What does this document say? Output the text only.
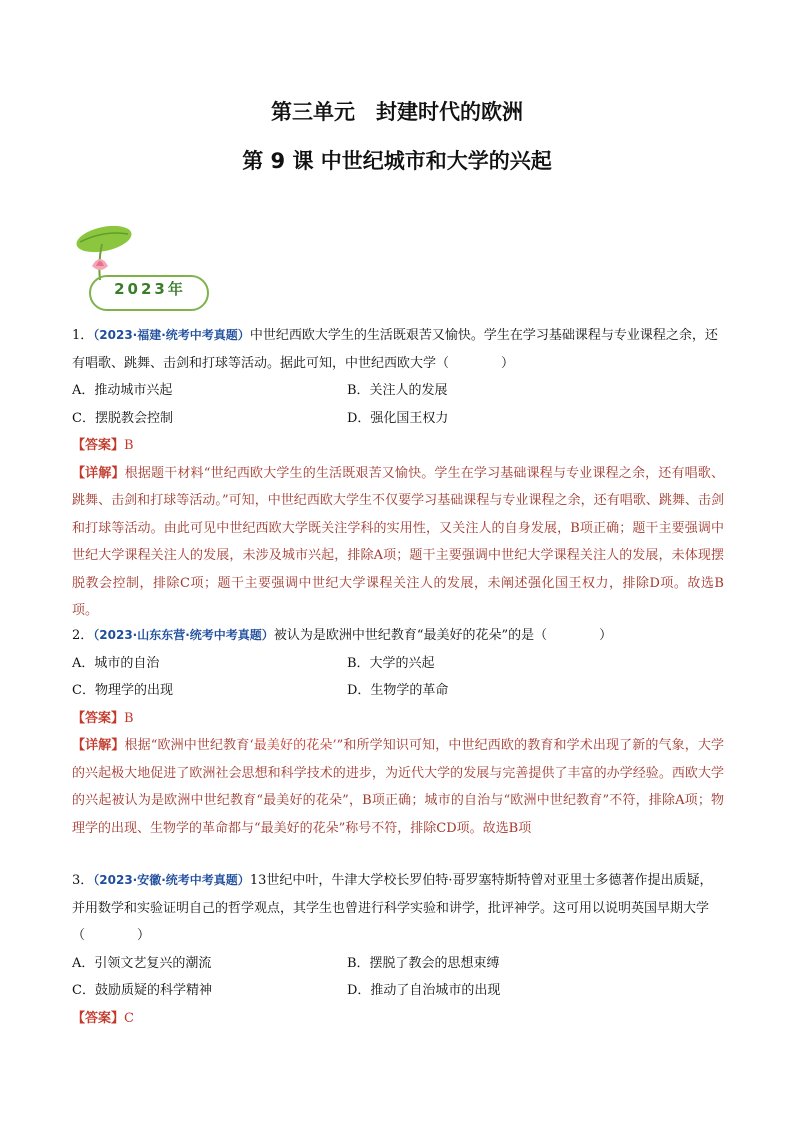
第三单元　封建时代的欧洲
第 9 课 中世纪城市和大学的兴起
2023年

1．（2023·福建·统考中考真题）中世纪西欧大学生的生活既艰苦又愉快。学生在学习基础课程与专业课程之余，还有唱歌、跳舞、击剑和打球等活动。据此可知，中世纪西欧大学（　　　　）

A．推动城市兴起	B．关注人的发展
C．摆脱教会控制	D．强化国王权力

【答案】B

【详解】根据题干材料“世纪西欧大学生的生活既艰苦又愉快。学生在学习基础课程与专业课程之余，还有唱歌、跳舞、击剑和打球等活动。”可知，中世纪西欧大学生不仅要学习基础课程与专业课程之余，还有唱歌、跳舞、击剑和打球等活动。由此可见中世纪西欧大学既关注学科的实用性，又关注人的自身发展，B项正确；题干主要强调中世纪大学课程关注人的发展，未涉及城市兴起，排除A项；题干主要强调中世纪大学课程关注人的发展，未体现摆脱教会控制，排除C项；题干主要强调中世纪大学课程关注人的发展，未阐述强化国王权力，排除D项。故选B项。

2．（2023·山东东营·统考中考真题）被认为是欧洲中世纪教育“最美好的花朵”的是（　　　　）

A．城市的自治	B．大学的兴起
C．物理学的出现	D．生物学的革命

【答案】B

【详解】根据“欧洲中世纪教育‘最美好的花朵’”和所学知识可知，中世纪西欧的教育和学术出现了新的气象，大学的兴起极大地促进了欧洲社会思想和科学技术的进步，为近代大学的发展与完善提供了丰富的办学经验。西欧大学的兴起被认为是欧洲中世纪教育“最美好的花朵”，B项正确；城市的自治与“欧洲中世纪教育”不符，排除A项；物理学的出现、生物学的革命都与“最美好的花朵”称号不符，排除CD项。故选B项

3．（2023·安徽·统考中考真题）13世纪中叶，牛津大学校长罗伯特·哥罗塞特斯特曾对亚里士多德著作提出质疑，并用数学和实验证明自己的哲学观点，其学生也曾进行科学实验和讲学，批评神学。这可用以说明英国早期大学（　　　　）

A．引领文艺复兴的潮流	B．摆脱了教会的思想束缚
C．鼓励质疑的科学精神	D．推动了自治城市的出现

【答案】C
